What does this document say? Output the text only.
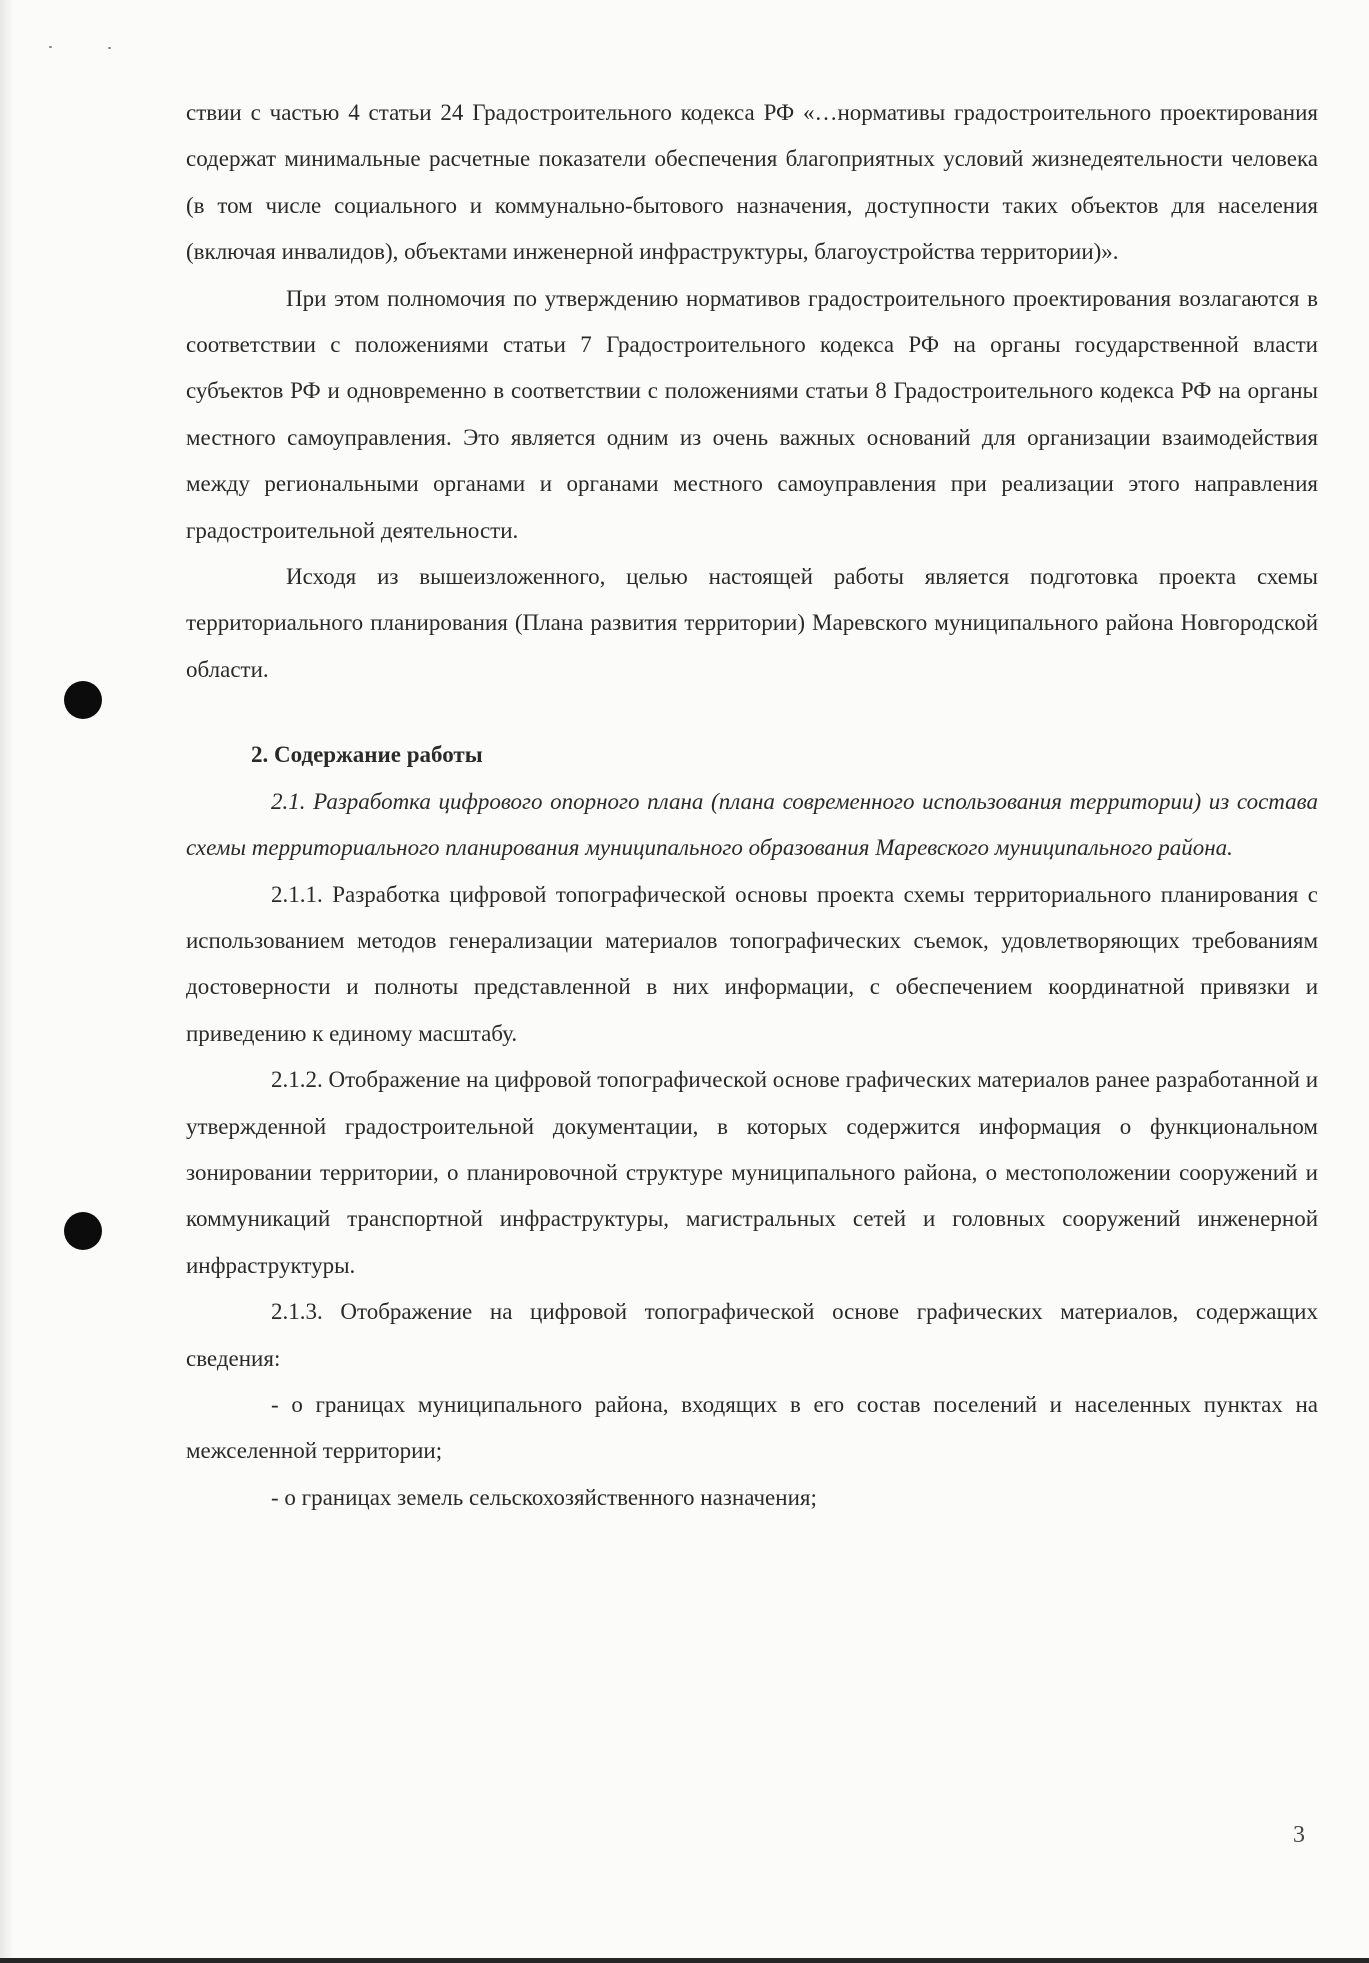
ствии с частью 4 статьи 24 Градостроительного кодекса РФ «…нормативы градостроительного проектирования содержат минимальные расчетные показатели обеспечения благоприятных условий жизнедеятельности человека (в том числе социального и коммунально-бытового назначения, доступности таких объектов для населения (включая инвалидов), объектами инженерной инфраструктуры, благоустройства территории)».

При этом полномочия по утверждению нормативов градостроительного проектирования возлагаются в соответствии с положениями статьи 7 Градостроительного кодекса РФ на органы государственной власти субъектов РФ и одновременно в соответствии с положениями статьи 8 Градостроительного кодекса РФ на органы местного самоуправления. Это является одним из очень важных оснований для организации взаимодействия между региональными органами и органами местного самоуправления при реализации этого направления градостроительной деятельности.

Исходя из вышеизложенного, целью настоящей работы является подготовка проекта схемы территориального планирования (Плана развития территории) Маревского муниципального района Новгородской области.

2. Содержание работы

2.1. Разработка цифрового опорного плана (плана современного использования территории) из состава схемы территориального планирования муниципального образования Маревского муниципального района.

2.1.1. Разработка цифровой топографической основы проекта схемы территориального планирования с использованием методов генерализации материалов топографических съемок, удовлетворяющих требованиям достоверности и полноты представленной в них информации, с обеспечением координатной привязки и приведению к единому масштабу.

2.1.2. Отображение на цифровой топографической основе графических материалов ранее разработанной и утвержденной градостроительной документации, в которых содержится информация о функциональном зонировании территории, о планировочной структуре муниципального района, о местоположении сооружений и коммуникаций транспортной инфраструктуры, магистральных сетей и головных сооружений инженерной инфраструктуры.

2.1.3. Отображение на цифровой топографической основе графических материалов, содержащих сведения:

- о границах муниципального района, входящих в его состав поселений и населенных пунктах на межселенной территории;

- о границах земель сельскохозяйственного назначения;

3
